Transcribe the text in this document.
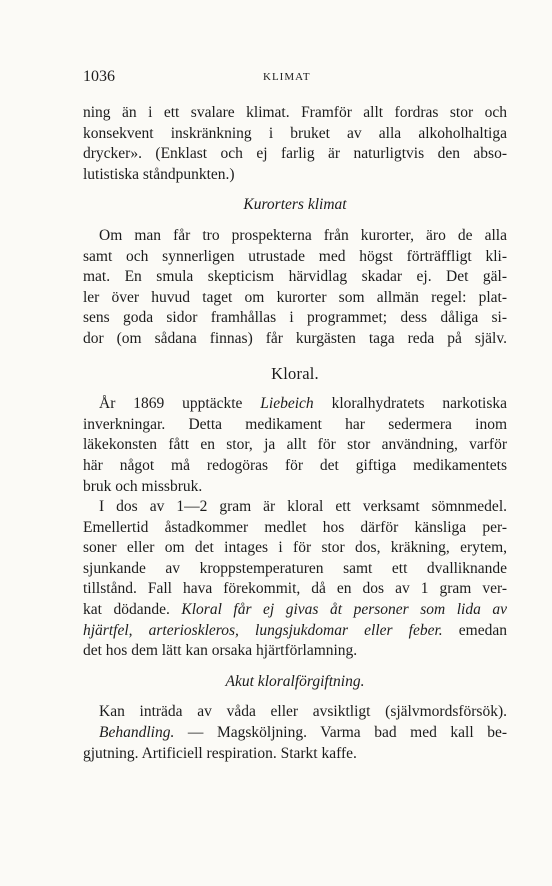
1036	KLIMAT
ning än i ett svalare klimat. Framför allt fordras stor och
konsekvent inskränkning i bruket av alla alkoholhaltiga
drycker». (Enklast och ej farlig är naturligtvis den abso-
lutistiska ståndpunkten.)
Kurorters klimat
Om man får tro prospekterna från kurorter, äro de alla
samt och synnerligen utrustade med högst förträffligt kli-
mat. En smula skepticism härvidlag skadar ej. Det gäl-
ler över huvud taget om kurorter som allmän regel: plat-
sens goda sidor framhållas i programmet; dess dåliga si-
dor (om sådana finnas) får kurgästen taga reda på själv.
Kloral.
År 1869 upptäckte Liebeich kloralhydratets narkotiska
inverkningar. Detta medikament har sedermera inom
läkekonsten fått en stor, ja allt för stor användning, varför
här något må redogöras för det giftiga medikamentets
bruk och missbruk.
I dos av 1—2 gram är kloral ett verksamt sömnmedel.
Emellertid åstadkommer medlet hos därför känsliga per-
soner eller om det intages i för stor dos, kräkning, erytem,
sjunkande av kroppstemperaturen samt ett dvalliknande
tillstånd. Fall hava förekommit, då en dos av 1 gram ver-
kat dödande. Kloral får ej givas åt personer som lida av
hjärtfel, arterioskleros, lungsjukdomar eller feber. emedan
det hos dem lätt kan orsaka hjärtförlamning.
Akut kloralförgiftning.
Kan inträda av våda eller avsiktligt (självmordsförsök).
Behandling. — Magsköljning. Varma bad med kall be-
gjutning. Artificiell respiration. Starkt kaffe.
